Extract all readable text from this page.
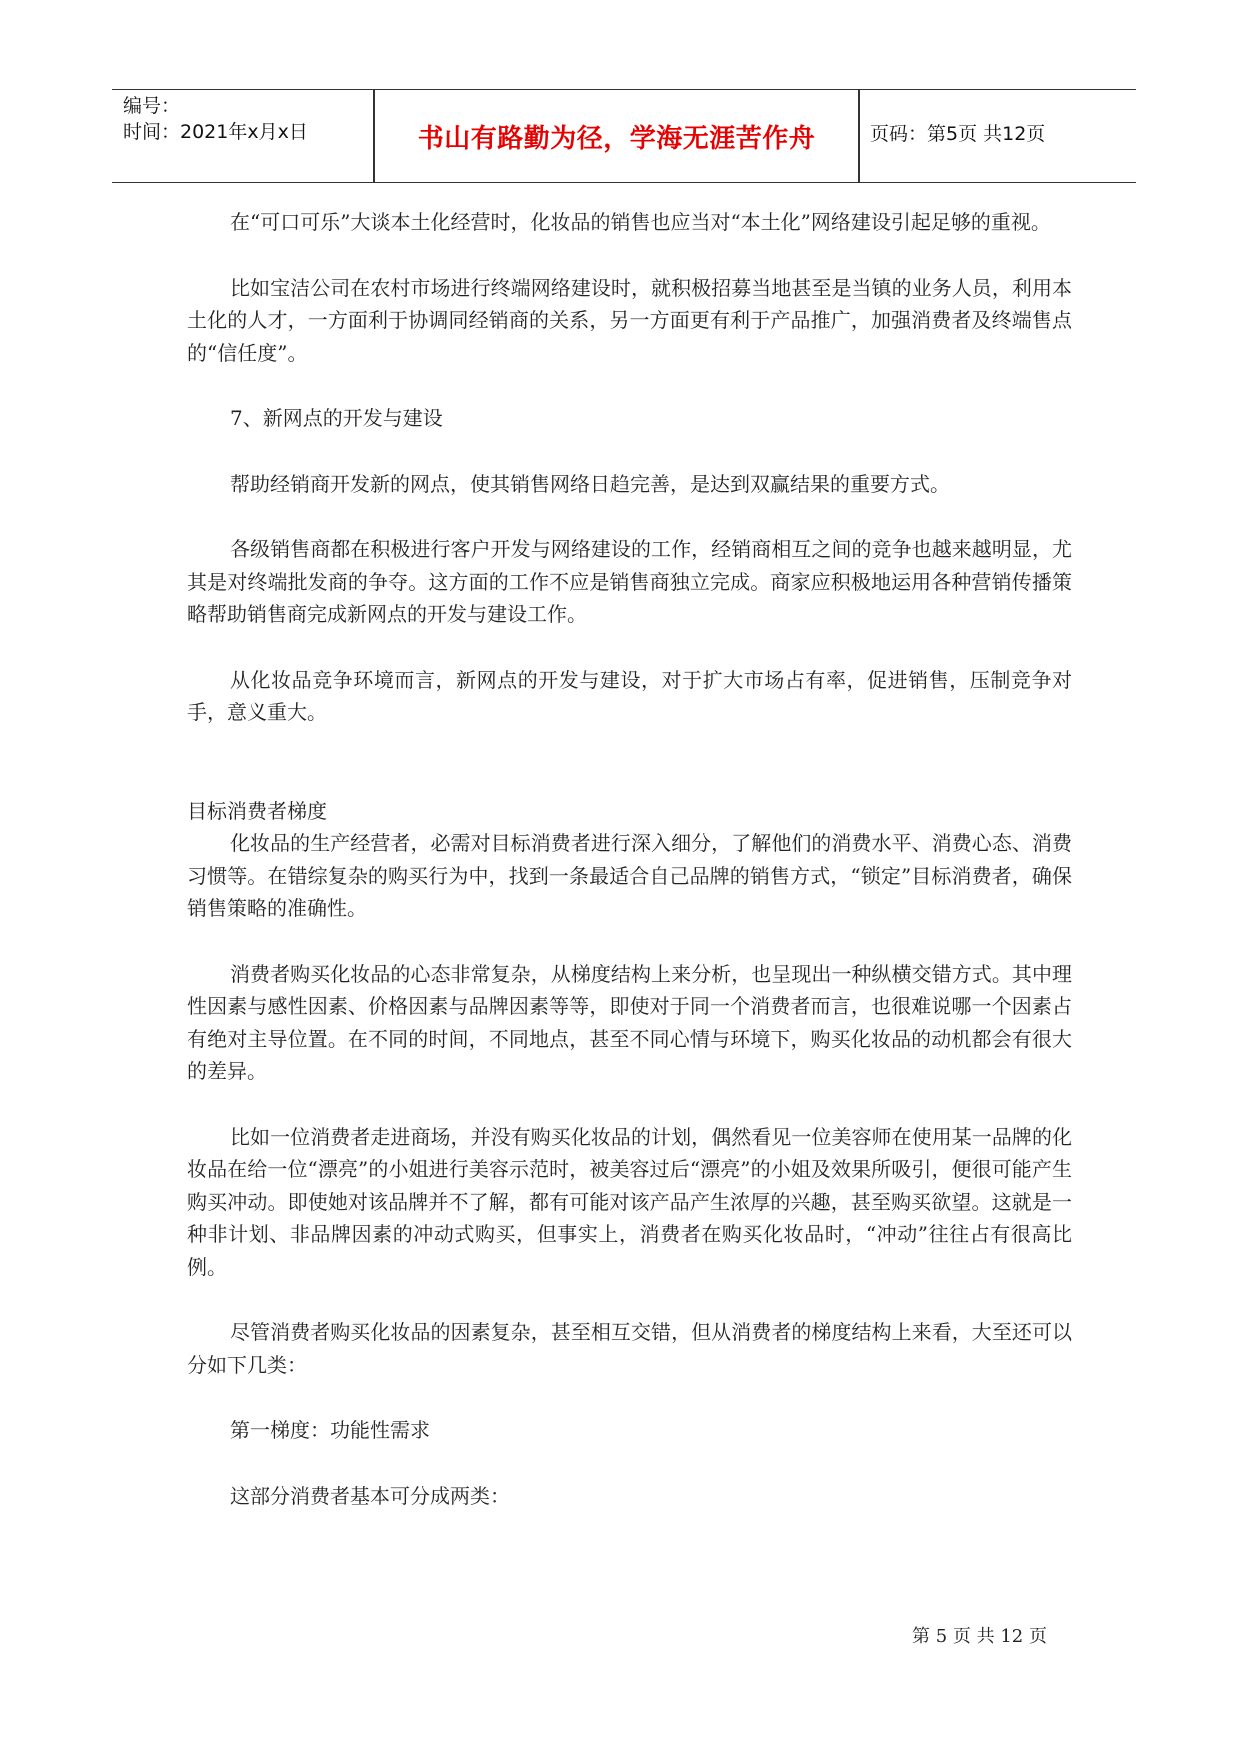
编号：
时间：2021年x月x日	书山有路勤为径，学海无涯苦作舟	页码：第5页 共12页

在“可口可乐”大谈本土化经营时，化妆品的销售也应当对“本土化”网络建设引起足够的重视。

比如宝洁公司在农村市场进行终端网络建设时，就积极招募当地甚至是当镇的业务人员，利用本土化的人才，一方面利于协调同经销商的关系，另一方面更有利于产品推广，加强消费者及终端售点的“信任度”。

7、新网点的开发与建设

帮助经销商开发新的网点，使其销售网络日趋完善，是达到双赢结果的重要方式。

各级销售商都在积极进行客户开发与网络建设的工作，经销商相互之间的竞争也越来越明显，尤其是对终端批发商的争夺。这方面的工作不应是销售商独立完成。商家应积极地运用各种营销传播策略帮助销售商完成新网点的开发与建设工作。

从化妆品竞争环境而言，新网点的开发与建设，对于扩大市场占有率，促进销售，压制竞争对手，意义重大。

目标消费者梯度

化妆品的生产经营者，必需对目标消费者进行深入细分，了解他们的消费水平、消费心态、消费习惯等。在错综复杂的购买行为中，找到一条最适合自己品牌的销售方式，“锁定”目标消费者，确保销售策略的准确性。

消费者购买化妆品的心态非常复杂，从梯度结构上来分析，也呈现出一种纵横交错方式。其中理性因素与感性因素、价格因素与品牌因素等等，即使对于同一个消费者而言，也很难说哪一个因素占有绝对主导位置。在不同的时间，不同地点，甚至不同心情与环境下，购买化妆品的动机都会有很大的差异。

比如一位消费者走进商场，并没有购买化妆品的计划，偶然看见一位美容师在使用某一品牌的化妆品在给一位“漂亮”的小姐进行美容示范时，被美容过后“漂亮”的小姐及效果所吸引，便很可能产生购买冲动。即使她对该品牌并不了解，都有可能对该产品产生浓厚的兴趣，甚至购买欲望。这就是一种非计划、非品牌因素的冲动式购买，但事实上，消费者在购买化妆品时，“冲动”往往占有很高比例。

尽管消费者购买化妆品的因素复杂，甚至相互交错，但从消费者的梯度结构上来看，大至还可以分如下几类：

第一梯度：功能性需求

这部分消费者基本可分成两类：

第 5 页 共 12 页
